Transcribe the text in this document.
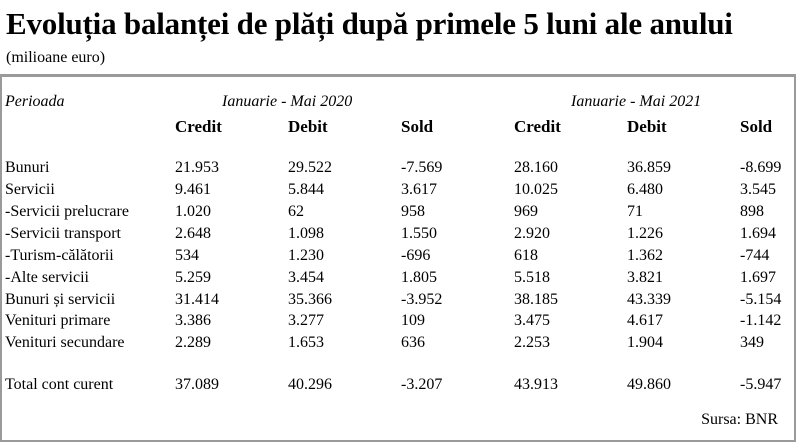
Evoluția balanței de plăți după primele 5 luni ale anului
(milioane euro)
Perioada	Ianuarie - Mai 2020	Ianuarie - Mai 2021
Credit	Debit	Sold	Credit	Debit	Sold
Bunuri	21.953	29.522	-7.569	28.160	36.859	-8.699
Servicii	9.461	5.844	3.617	10.025	6.480	3.545
-Servicii prelucrare	1.020	62	958	969	71	898
-Servicii transport	2.648	1.098	1.550	2.920	1.226	1.694
-Turism-călătorii	534	1.230	-696	618	1.362	-744
-Alte servicii	5.259	3.454	1.805	5.518	3.821	1.697
Bunuri și servicii	31.414	35.366	-3.952	38.185	43.339	-5.154
Venituri primare	3.386	3.277	109	3.475	4.617	-1.142
Venituri secundare	2.289	1.653	636	2.253	1.904	349
Total cont curent	37.089	40.296	-3.207	43.913	49.860	-5.947
Sursa: BNR
